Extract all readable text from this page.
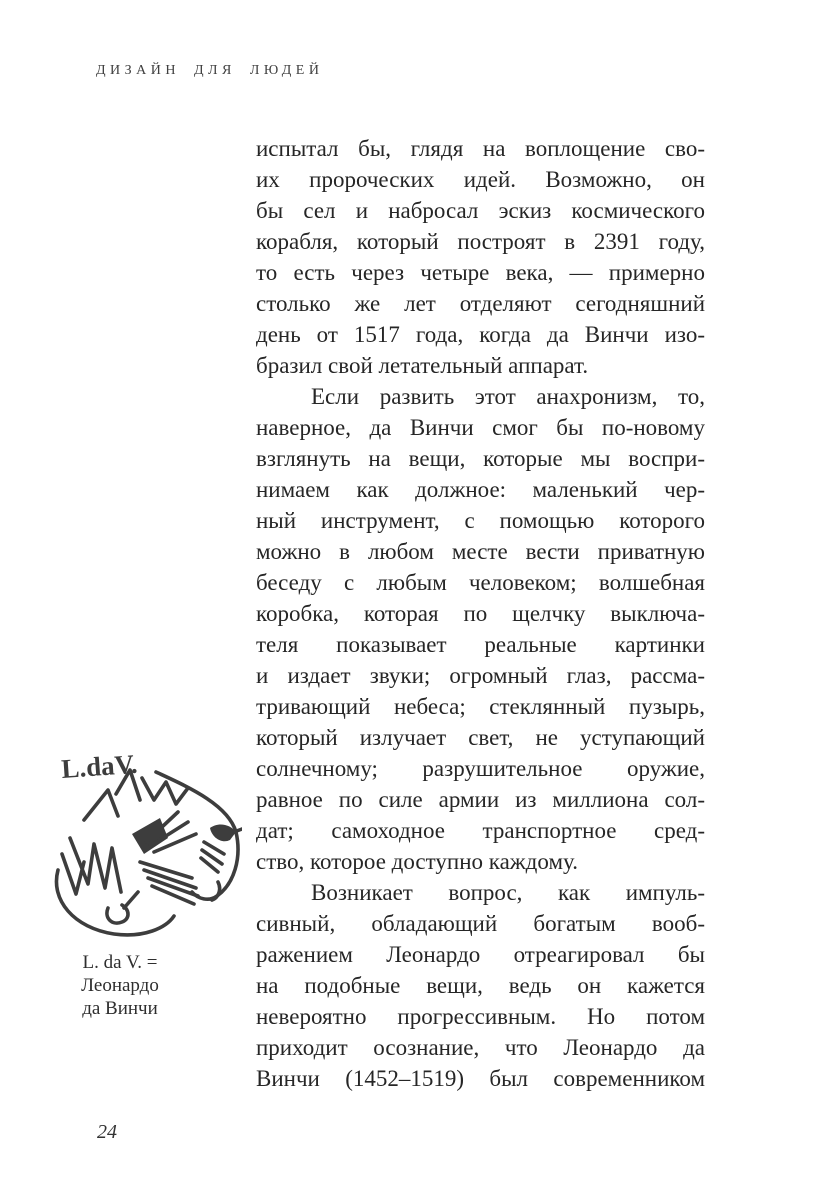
ДИЗАЙН ДЛЯ ЛЮДЕЙ
испытал бы, глядя на воплощение сво-
их пророческих идей. Возможно, он
бы сел и набросал эскиз космического
корабля, который построят в 2391 году,
то есть через четыре века, — примерно
столько же лет отделяют сегодняшний
день от 1517 года, когда да Винчи изо-
бразил свой летательный аппарат.
Если развить этот анахронизм, то,
наверное, да Винчи смог бы по-новому
взглянуть на вещи, которые мы воспри-
нимаем как должное: маленький чер-
ный инструмент, с помощью которого
можно в любом месте вести приватную
беседу с любым человеком; волшебная
коробка, которая по щелчку выключа-
теля показывает реальные картинки
и издает звуки; огромный глаз, рассма-
тривающий небеса; стеклянный пузырь,
который излучает свет, не уступающий
солнечному; разрушительное оружие,
равное по силе армии из миллиона сол-
дат; самоходное транспортное сред-
ство, которое доступно каждому.
Возникает вопрос, как импуль-
сивный, обладающий богатым вооб-
ражением Леонардо отреагировал бы
на подобные вещи, ведь он кажется
невероятно прогрессивным. Но потом
приходит осознание, что Леонардо да
Винчи (1452–1519) был современником
L.daV.
L. da V. =
Леонардо
да Винчи
24
